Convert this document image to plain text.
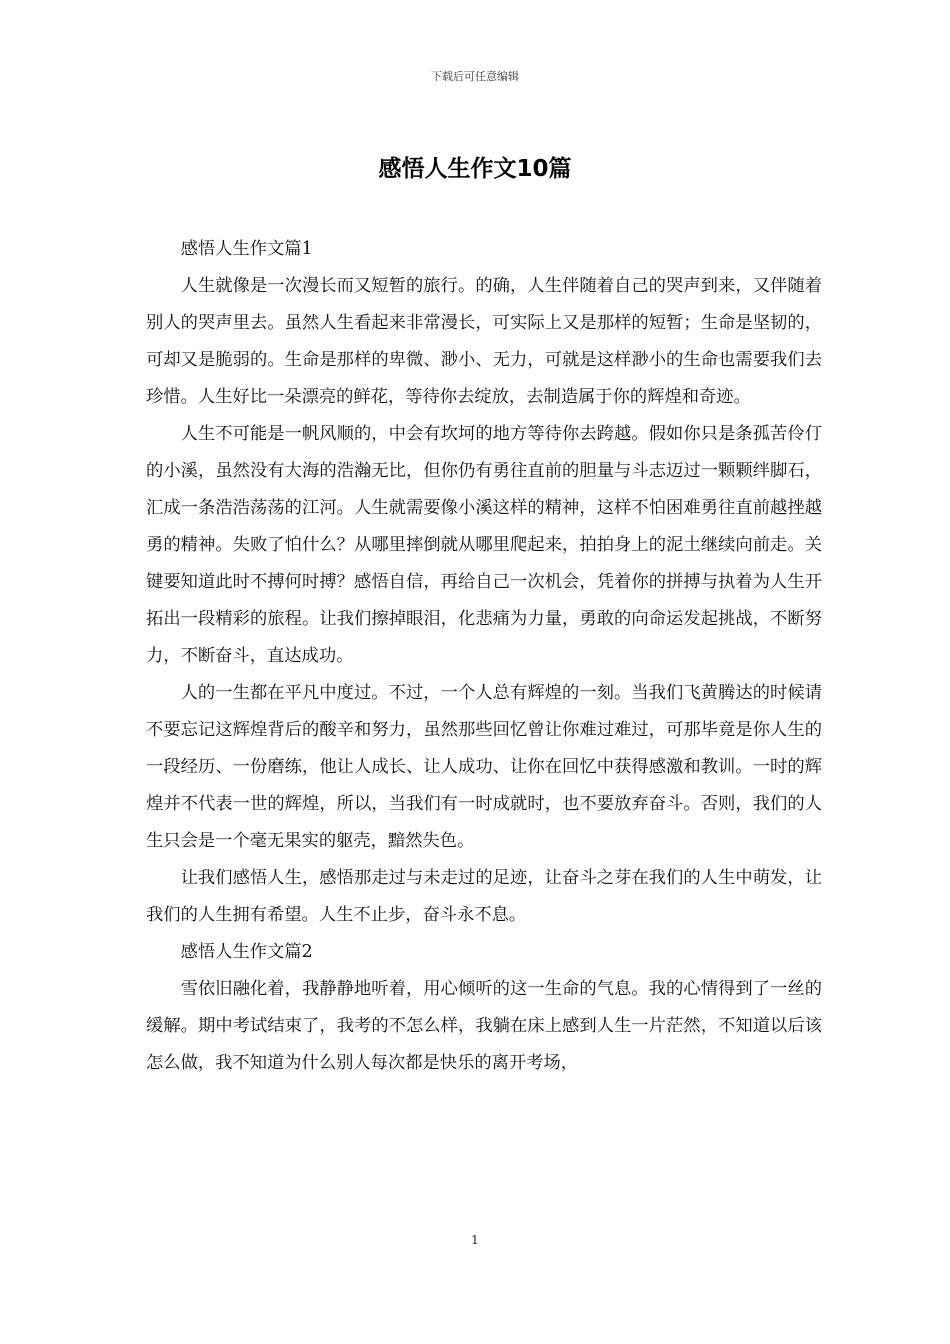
下载后可任意编辑
感悟人生作文10篇

感悟人生作文篇1

人生就像是一次漫长而又短暂的旅行。的确，人生伴随着自己的哭声到来，又伴随着别人的哭声里去。虽然人生看起来非常漫长，可实际上又是那样的短暂；生命是坚韧的，可却又是脆弱的。生命是那样的卑微、渺小、无力，可就是这样渺小的生命也需要我们去珍惜。人生好比一朵漂亮的鲜花，等待你去绽放，去制造属于你的辉煌和奇迹。

人生不可能是一帆风顺的，中会有坎坷的地方等待你去跨越。假如你只是条孤苦伶仃的小溪，虽然没有大海的浩瀚无比，但你仍有勇往直前的胆量与斗志迈过一颗颗绊脚石，汇成一条浩浩荡荡的江河。人生就需要像小溪这样的精神，这样不怕困难勇往直前越挫越勇的精神。失败了怕什么？从哪里摔倒就从哪里爬起来，拍拍身上的泥土继续向前走。关键要知道此时不搏何时搏？感悟自信，再给自己一次机会，凭着你的拼搏与执着为人生开拓出一段精彩的旅程。让我们擦掉眼泪，化悲痛为力量，勇敢的向命运发起挑战，不断努力，不断奋斗，直达成功。

人的一生都在平凡中度过。不过，一个人总有辉煌的一刻。当我们飞黄腾达的时候请不要忘记这辉煌背后的酸辛和努力，虽然那些回忆曾让你难过难过，可那毕竟是你人生的一段经历、一份磨练，他让人成长、让人成功、让你在回忆中获得感激和教训。一时的辉煌并不代表一世的辉煌，所以，当我们有一时成就时，也不要放弃奋斗。否则，我们的人生只会是一个毫无果实的躯壳，黯然失色。

让我们感悟人生，感悟那走过与未走过的足迹，让奋斗之芽在我们的人生中萌发，让我们的人生拥有希望。人生不止步，奋斗永不息。

感悟人生作文篇2

雪依旧融化着，我静静地听着，用心倾听的这一生命的气息。我的心情得到了一丝的缓解。期中考试结束了，我考的不怎么样，我躺在床上感到人生一片茫然，不知道以后该怎么做，我不知道为什么别人每次都是快乐的离开考场，

1
